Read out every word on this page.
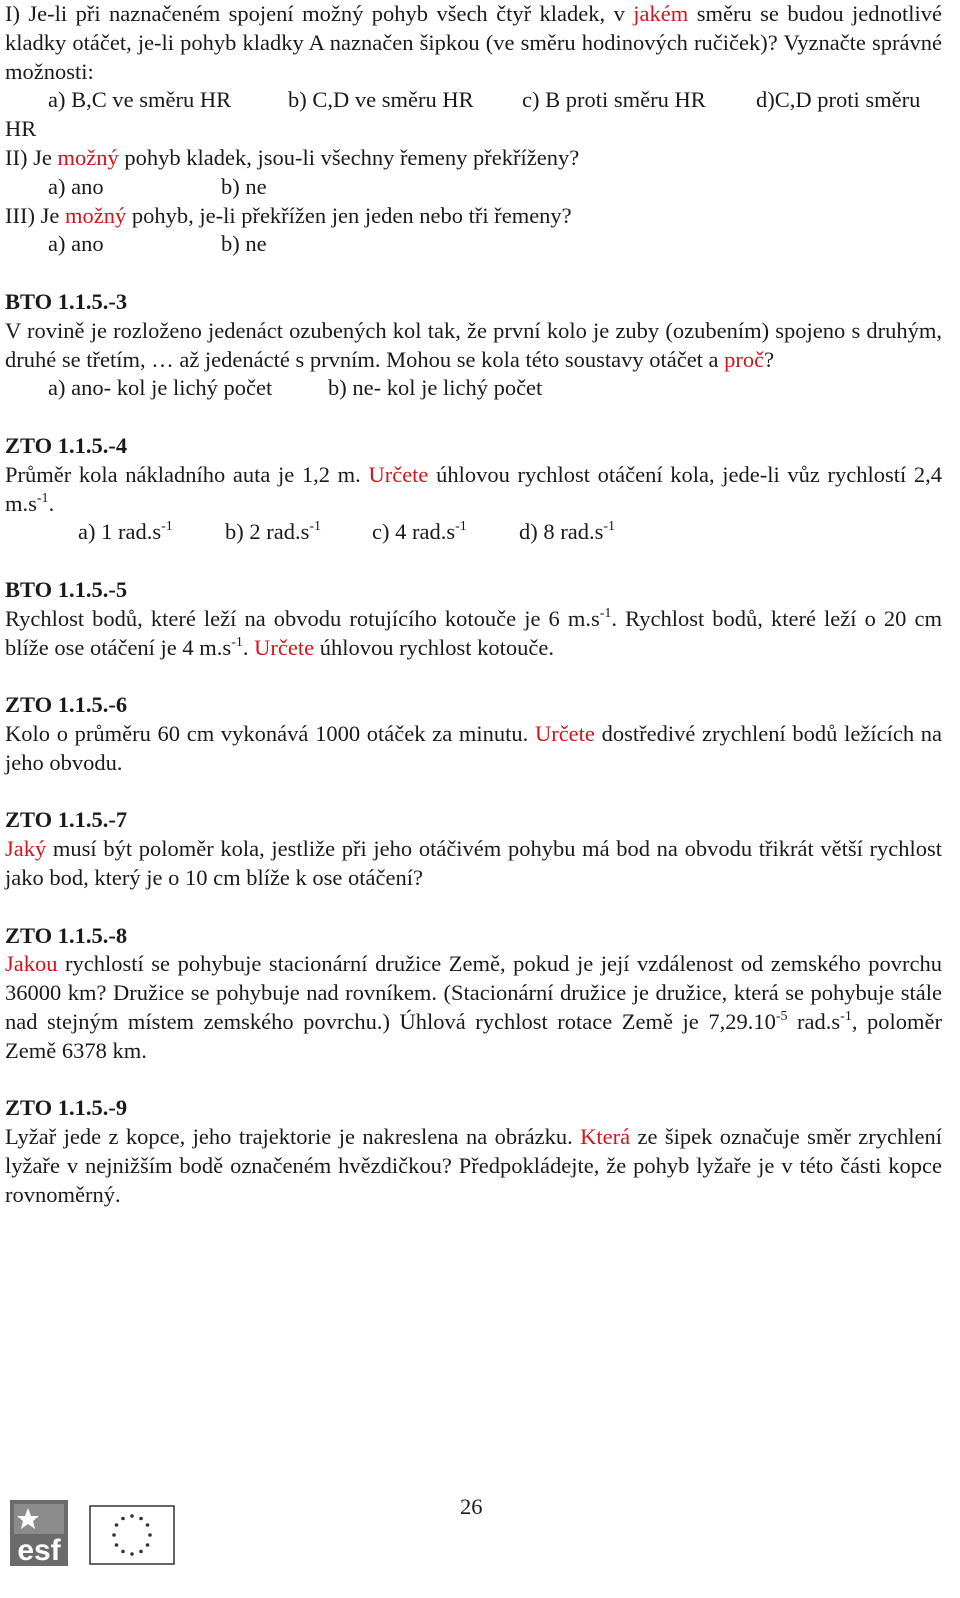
I) Je-li při naznačeném spojení možný pohyb všech čtyř kladek, v jakém směru se budou jednotlivé kladky otáčet, je-li pohyb kladky A naznačen šipkou (ve směru hodinových ručiček)? Vyznačte správné možnosti:

a) B,C ve směru HR	b) C,D ve směru HR	c) B proti směru HR	d)C,D proti směru

HR

II) Je možný pohyb kladek, jsou-li všechny řemeny překříženy?

a) ano	b) ne

III) Je možný pohyb, je-li překřížen jen jeden nebo tři řemeny?

a) ano	b) ne

BTO 1.1.5.-3

V rovině je rozloženo jedenáct ozubených kol tak, že první kolo je zuby (ozubením) spojeno s druhým, druhé se třetím, … až jedenácté s prvním. Mohou se kola této soustavy otáčet a proč?

a) ano- kol je lichý počet	b) ne- kol je lichý počet

ZTO 1.1.5.-4

Průměr kola nákladního auta je 1,2 m. Určete úhlovou rychlost otáčení kola, jede-li vůz rychlostí 2,4 $m.s^{-1}$.

a) 1 $rad.s^{-1}$	b) 2 $rad.s^{-1}$	c) 4 $rad.s^{-1}$	d) 8 $rad.s^{-1}$

BTO 1.1.5.-5

Rychlost bodů, které leží na obvodu rotujícího kotouče je 6 $m.s^{-1}$. Rychlost bodů, které leží o 20 cm blíže ose otáčení je 4 $m.s^{-1}$. Určete úhlovou rychlost kotouče.

ZTO 1.1.5.-6

Kolo o průměru 60 cm vykonává 1000 otáček za minutu. Určete dostředivé zrychlení bodů ležících na jeho obvodu.

ZTO 1.1.5.-7

Jaký musí být poloměr kola, jestliže při jeho otáčivém pohybu má bod na obvodu třikrát větší rychlost jako bod, který je o 10 cm blíže k ose otáčení?

ZTO 1.1.5.-8

Jakou rychlostí se pohybuje stacionární družice Země, pokud je její vzdálenost od zemského povrchu 36000 km? Družice se pohybuje nad rovníkem. (Stacionární družice je družice, která se pohybuje stále nad stejným místem zemského povrchu.) Úhlová rychlost rotace Země je $7,29.10^{-5}$ $rad.s^{-1}$, poloměr Země 6378 km.

ZTO 1.1.5.-9

Lyžař jede z kopce, jeho trajektorie je nakreslena na obrázku. Která ze šipek označuje směr zrychlení lyžaře v nejnižším bodě označeném hvězdičkou? Předpokládejte, že pohyb lyžaře je v této části kopce rovnoměrný.

esf
26
